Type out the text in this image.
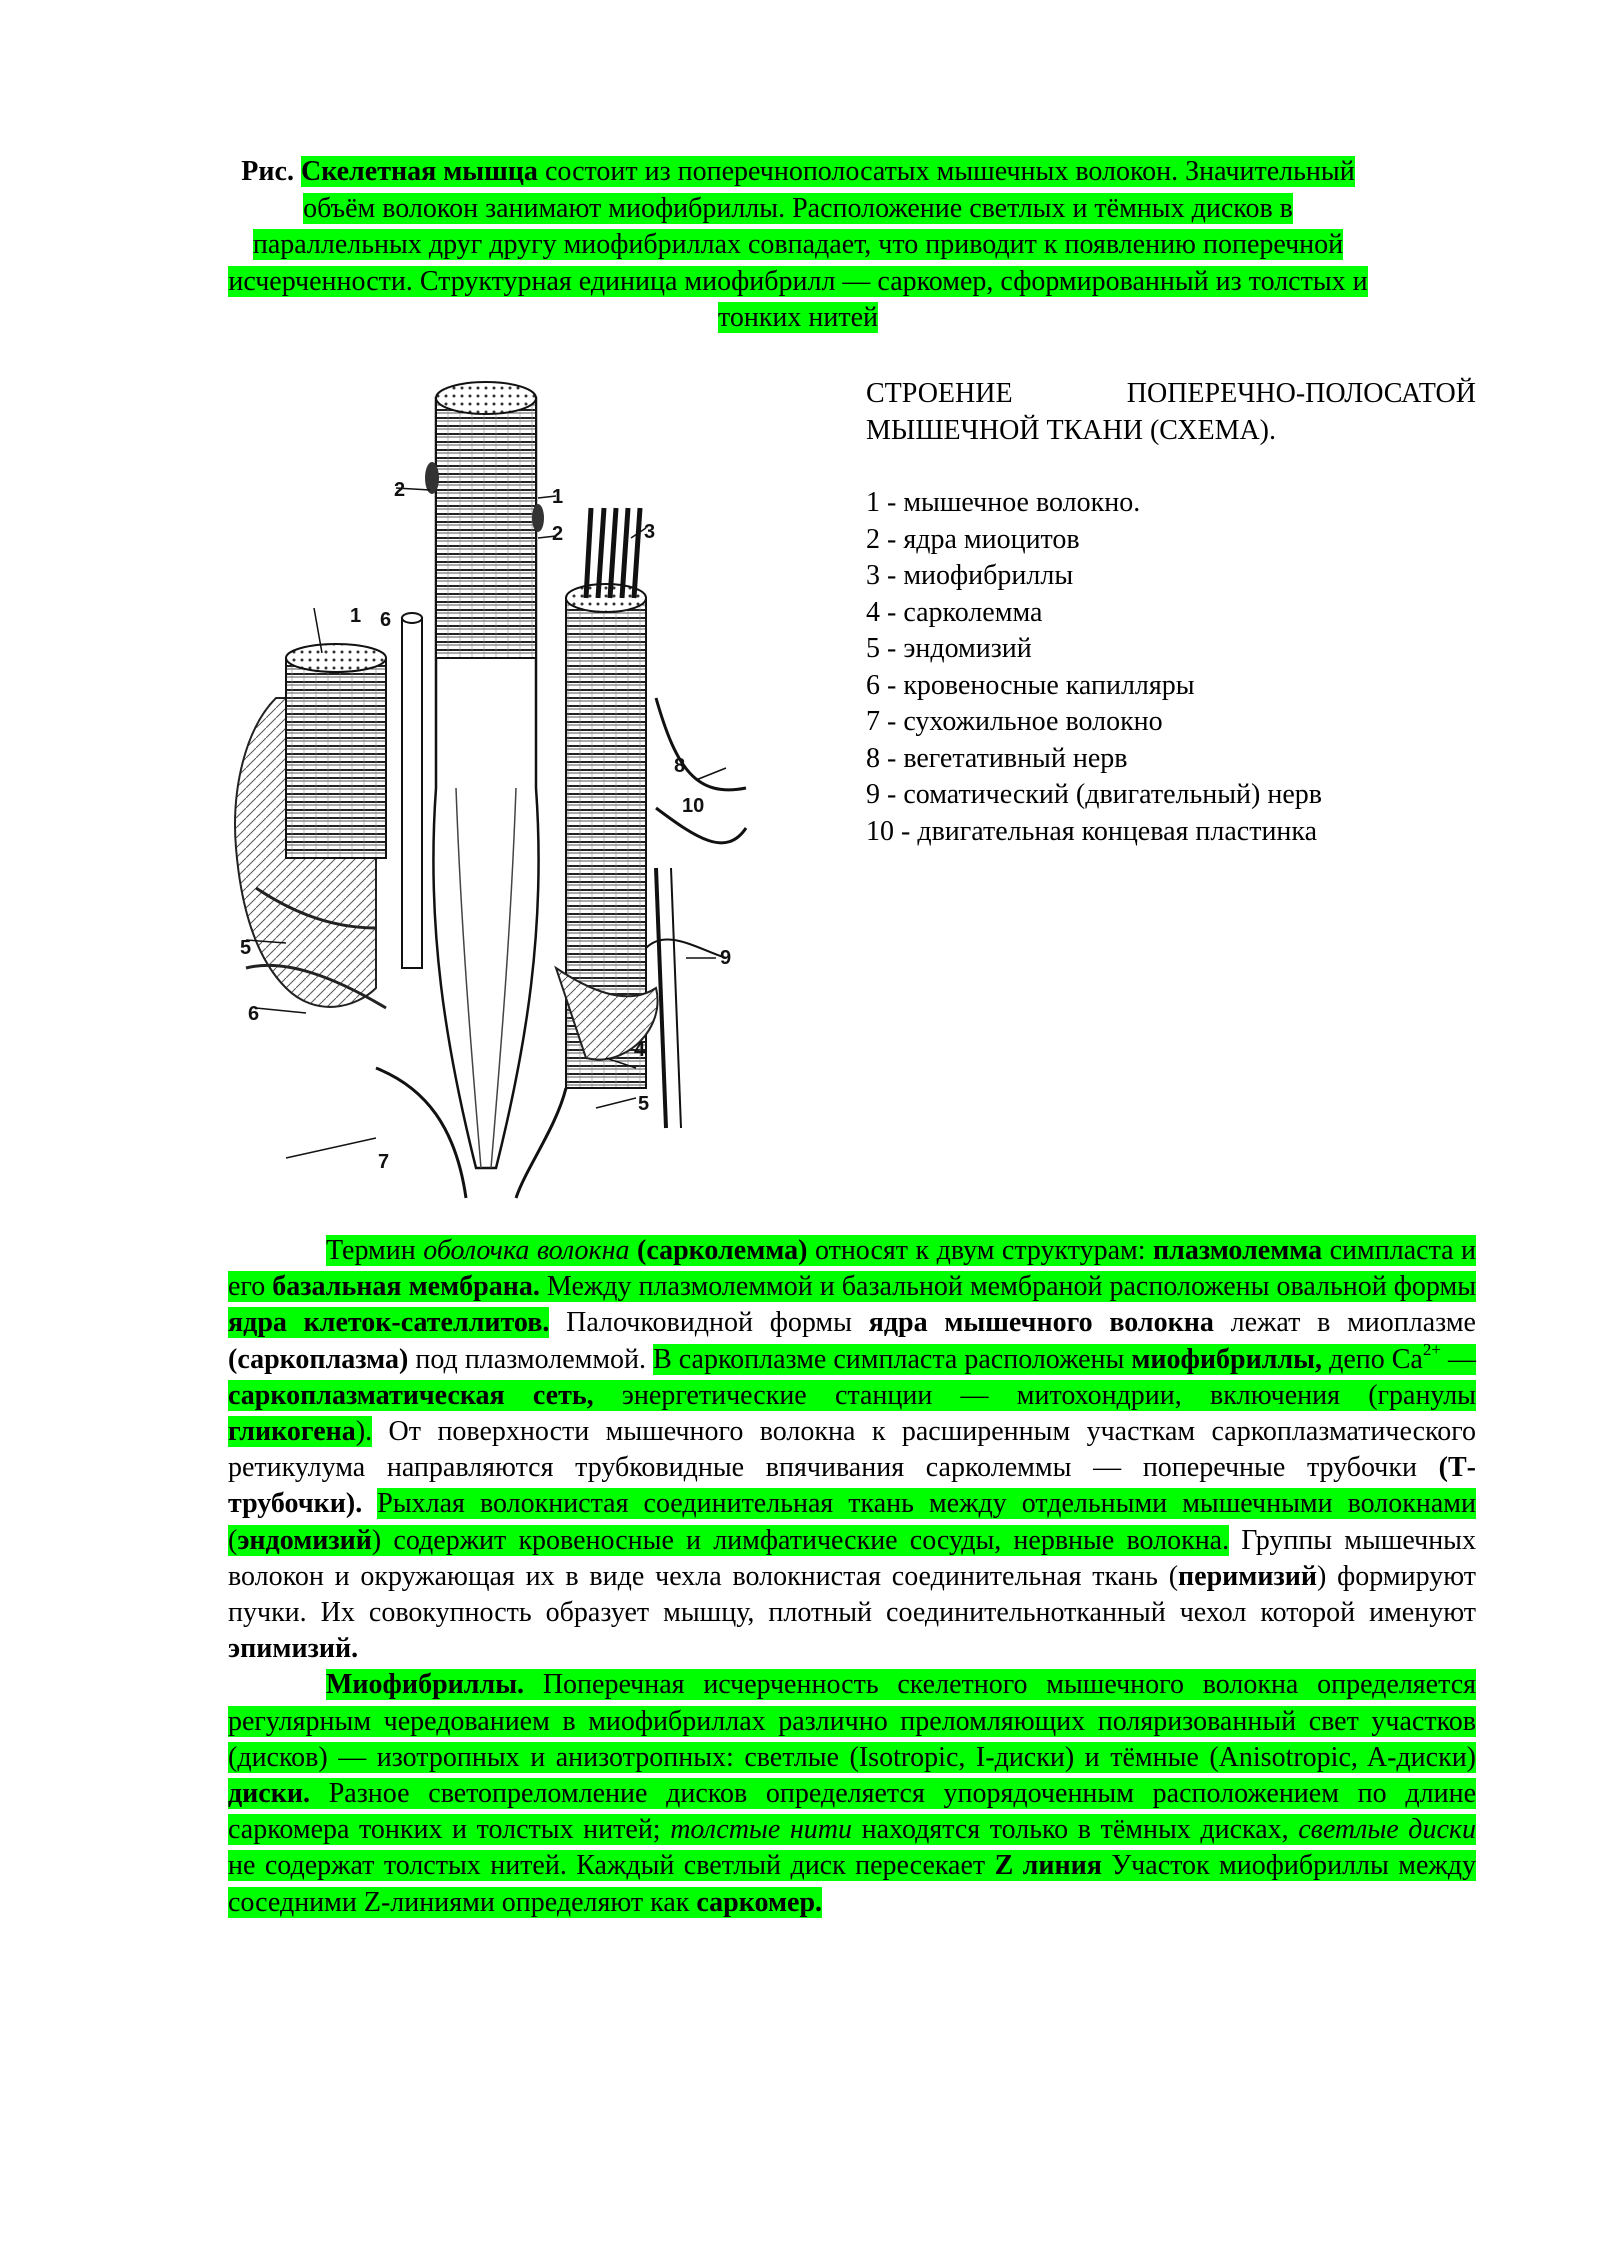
Рис. Скелетная мышца состоит из поперечнополосатых мышечных волокон. Значительный объём волокон занимают миофибриллы. Расположение светлых и тёмных дисков в параллельных друг другу миофибриллах совпадает, что приводит к появлению поперечной исчерченности. Структурная единица миофибрилл — саркомер, сформированный из толстых и тонких нитей

1
1
2
2	3
4
5
5
6
6
7
8
9
10

СТРОЕНИЕ ПОПЕРЕЧНО-ПОЛОСАТОЙ

МЫШЕЧНОЙ ТКАНИ (СХЕМА).

1 - мышечное волокно.

2 - ядра миоцитов

3 - миофибриллы

4 - сарколемма

5 - эндомизий

6 - кровеносные капилляры

7 - сухожильное волокно

8 - вегетативный нерв

9 - соматический (двигательный) нерв

10 - двигательная концевая пластинка

Термин оболочка волокна (сарколемма) относят к двум структурам: плазмолемма симпласта и его базальная мембрана. Между плазмолеммой и базальной мембраной расположены овальной формы ядра клеток-сателлитов. Палочковидной формы ядра мышечного волокна лежат в миоплазме (саркоплазма) под плазмолеммой. В саркоплазме симпласта расположены миофибриллы, депо $Ca^{2+}$ — саркоплазматическая сеть, энергетические станции — митохондрии, включения (гранулы гликогена). От поверхности мышечного волокна к расширенным участкам саркоплазматического ретикулума направляются трубковидные впячивания сарколеммы — поперечные трубочки (Т-трубочки). Рыхлая волокнистая соединительная ткань между отдельными мышечными волокнами (эндомизий) содержит кровеносные и лимфатические сосуды, нервные волокна. Группы мышечных волокон и окружающая их в виде чехла волокнистая соединительная ткань (перимизий) формируют пучки. Их совокупность образует мышцу, плотный соединительнотканный чехол которой именуют эпимизий.

Миофибриллы. Поперечная исчерченность скелетного мышечного волокна определяется регулярным чередованием в миофибриллах различно преломляющих поляризованный свет участков (дисков) — изотропных и анизотропных: светлые (Isotropic, I-диски) и тёмные (Anisotropic, A-диски) диски. Разное светопреломление дисков определяется упорядоченным расположением по длине саркомера тонких и толстых нитей; толстые нити находятся только в тёмных дисках, светлые диски не содержат толстых нитей. Каждый светлый диск пересекает Z линия Участок миофибриллы между соседними Z-линиями определяют как саркомер.
